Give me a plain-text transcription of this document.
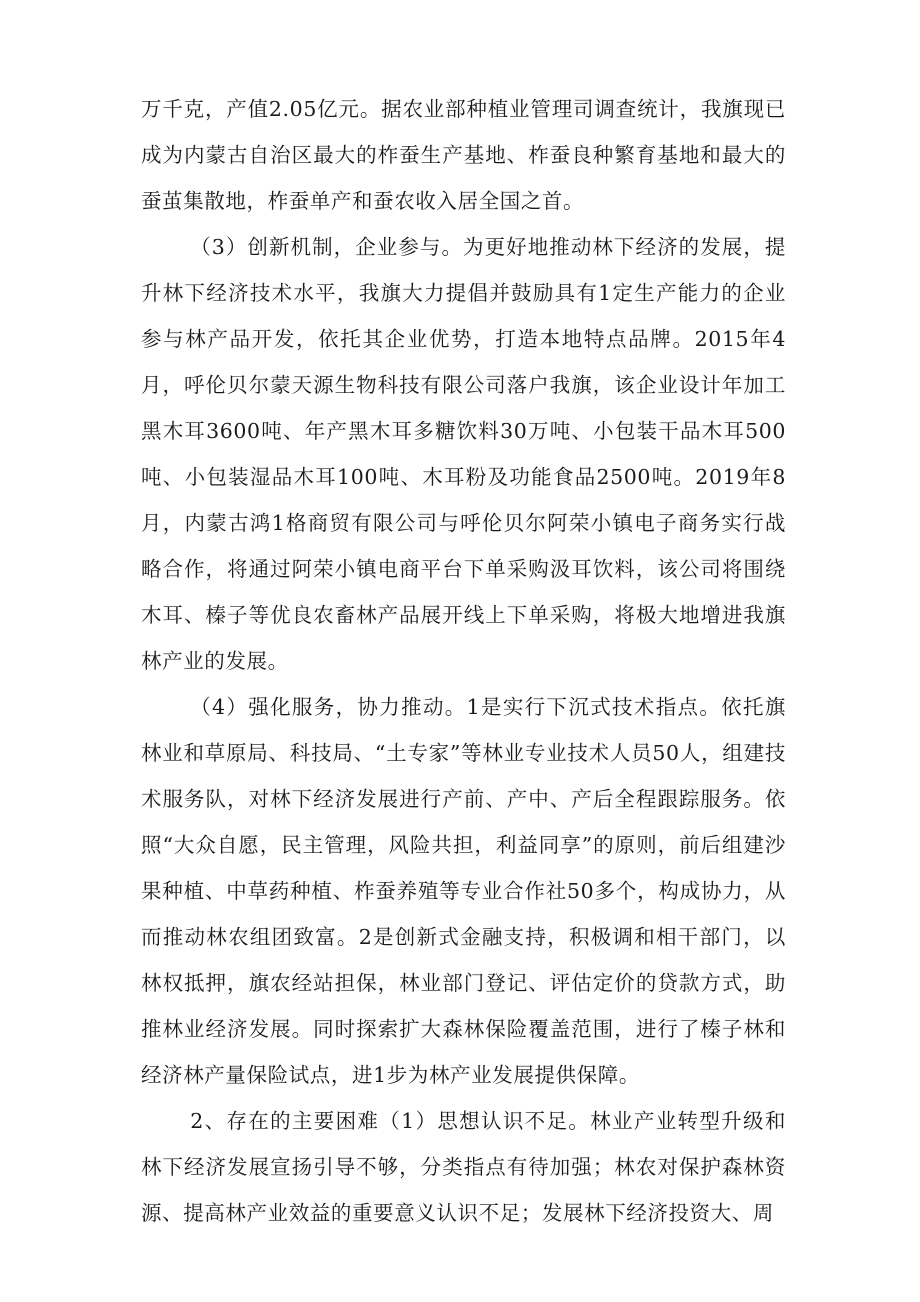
万千克，产值2.05亿元。据农业部种植业管理司调查统计，我旗现已成为内蒙古自治区最大的柞蚕生产基地、柞蚕良种繁育基地和最大的蚕茧集散地，柞蚕单产和蚕农收入居全国之首。

（3）创新机制，企业参与。为更好地推动林下经济的发展，提升林下经济技术水平，我旗大力提倡并鼓励具有1定生产能力的企业参与林产品开发，依托其企业优势，打造本地特点品牌。2015年4月，呼伦贝尔蒙天源生物科技有限公司落户我旗，该企业设计年加工黑木耳3600吨、年产黑木耳多糖饮料30万吨、小包装干品木耳500吨、小包装湿品木耳100吨、木耳粉及功能食品2500吨。2019年8月，内蒙古鸿1格商贸有限公司与呼伦贝尔阿荣小镇电子商务实行战略合作，将通过阿荣小镇电商平台下单采购汲耳饮料，该公司将围绕木耳、榛子等优良农畜林产品展开线上下单采购，将极大地增进我旗林产业的发展。

（4）强化服务，协力推动。1是实行下沉式技术指点。依托旗林业和草原局、科技局、“土专家”等林业专业技术人员50人，组建技术服务队，对林下经济发展进行产前、产中、产后全程跟踪服务。依照“大众自愿，民主管理，风险共担，利益同享”的原则，前后组建沙果种植、中草药种植、柞蚕养殖等专业合作社50多个，构成协力，从而推动林农组团致富。2是创新式金融支持，积极调和相干部门，以林权抵押，旗农经站担保，林业部门登记、评估定价的贷款方式，助推林业经济发展。同时探索扩大森林保险覆盖范围，进行了榛子林和经济林产量保险试点，进1步为林产业发展提供保障。

2、存在的主要困难（1）思想认识不足。林业产业转型升级和林下经济发展宣扬引导不够，分类指点有待加强；林农对保护森林资源、提高林产业效益的重要意义认识不足；发展林下经济投资大、周
